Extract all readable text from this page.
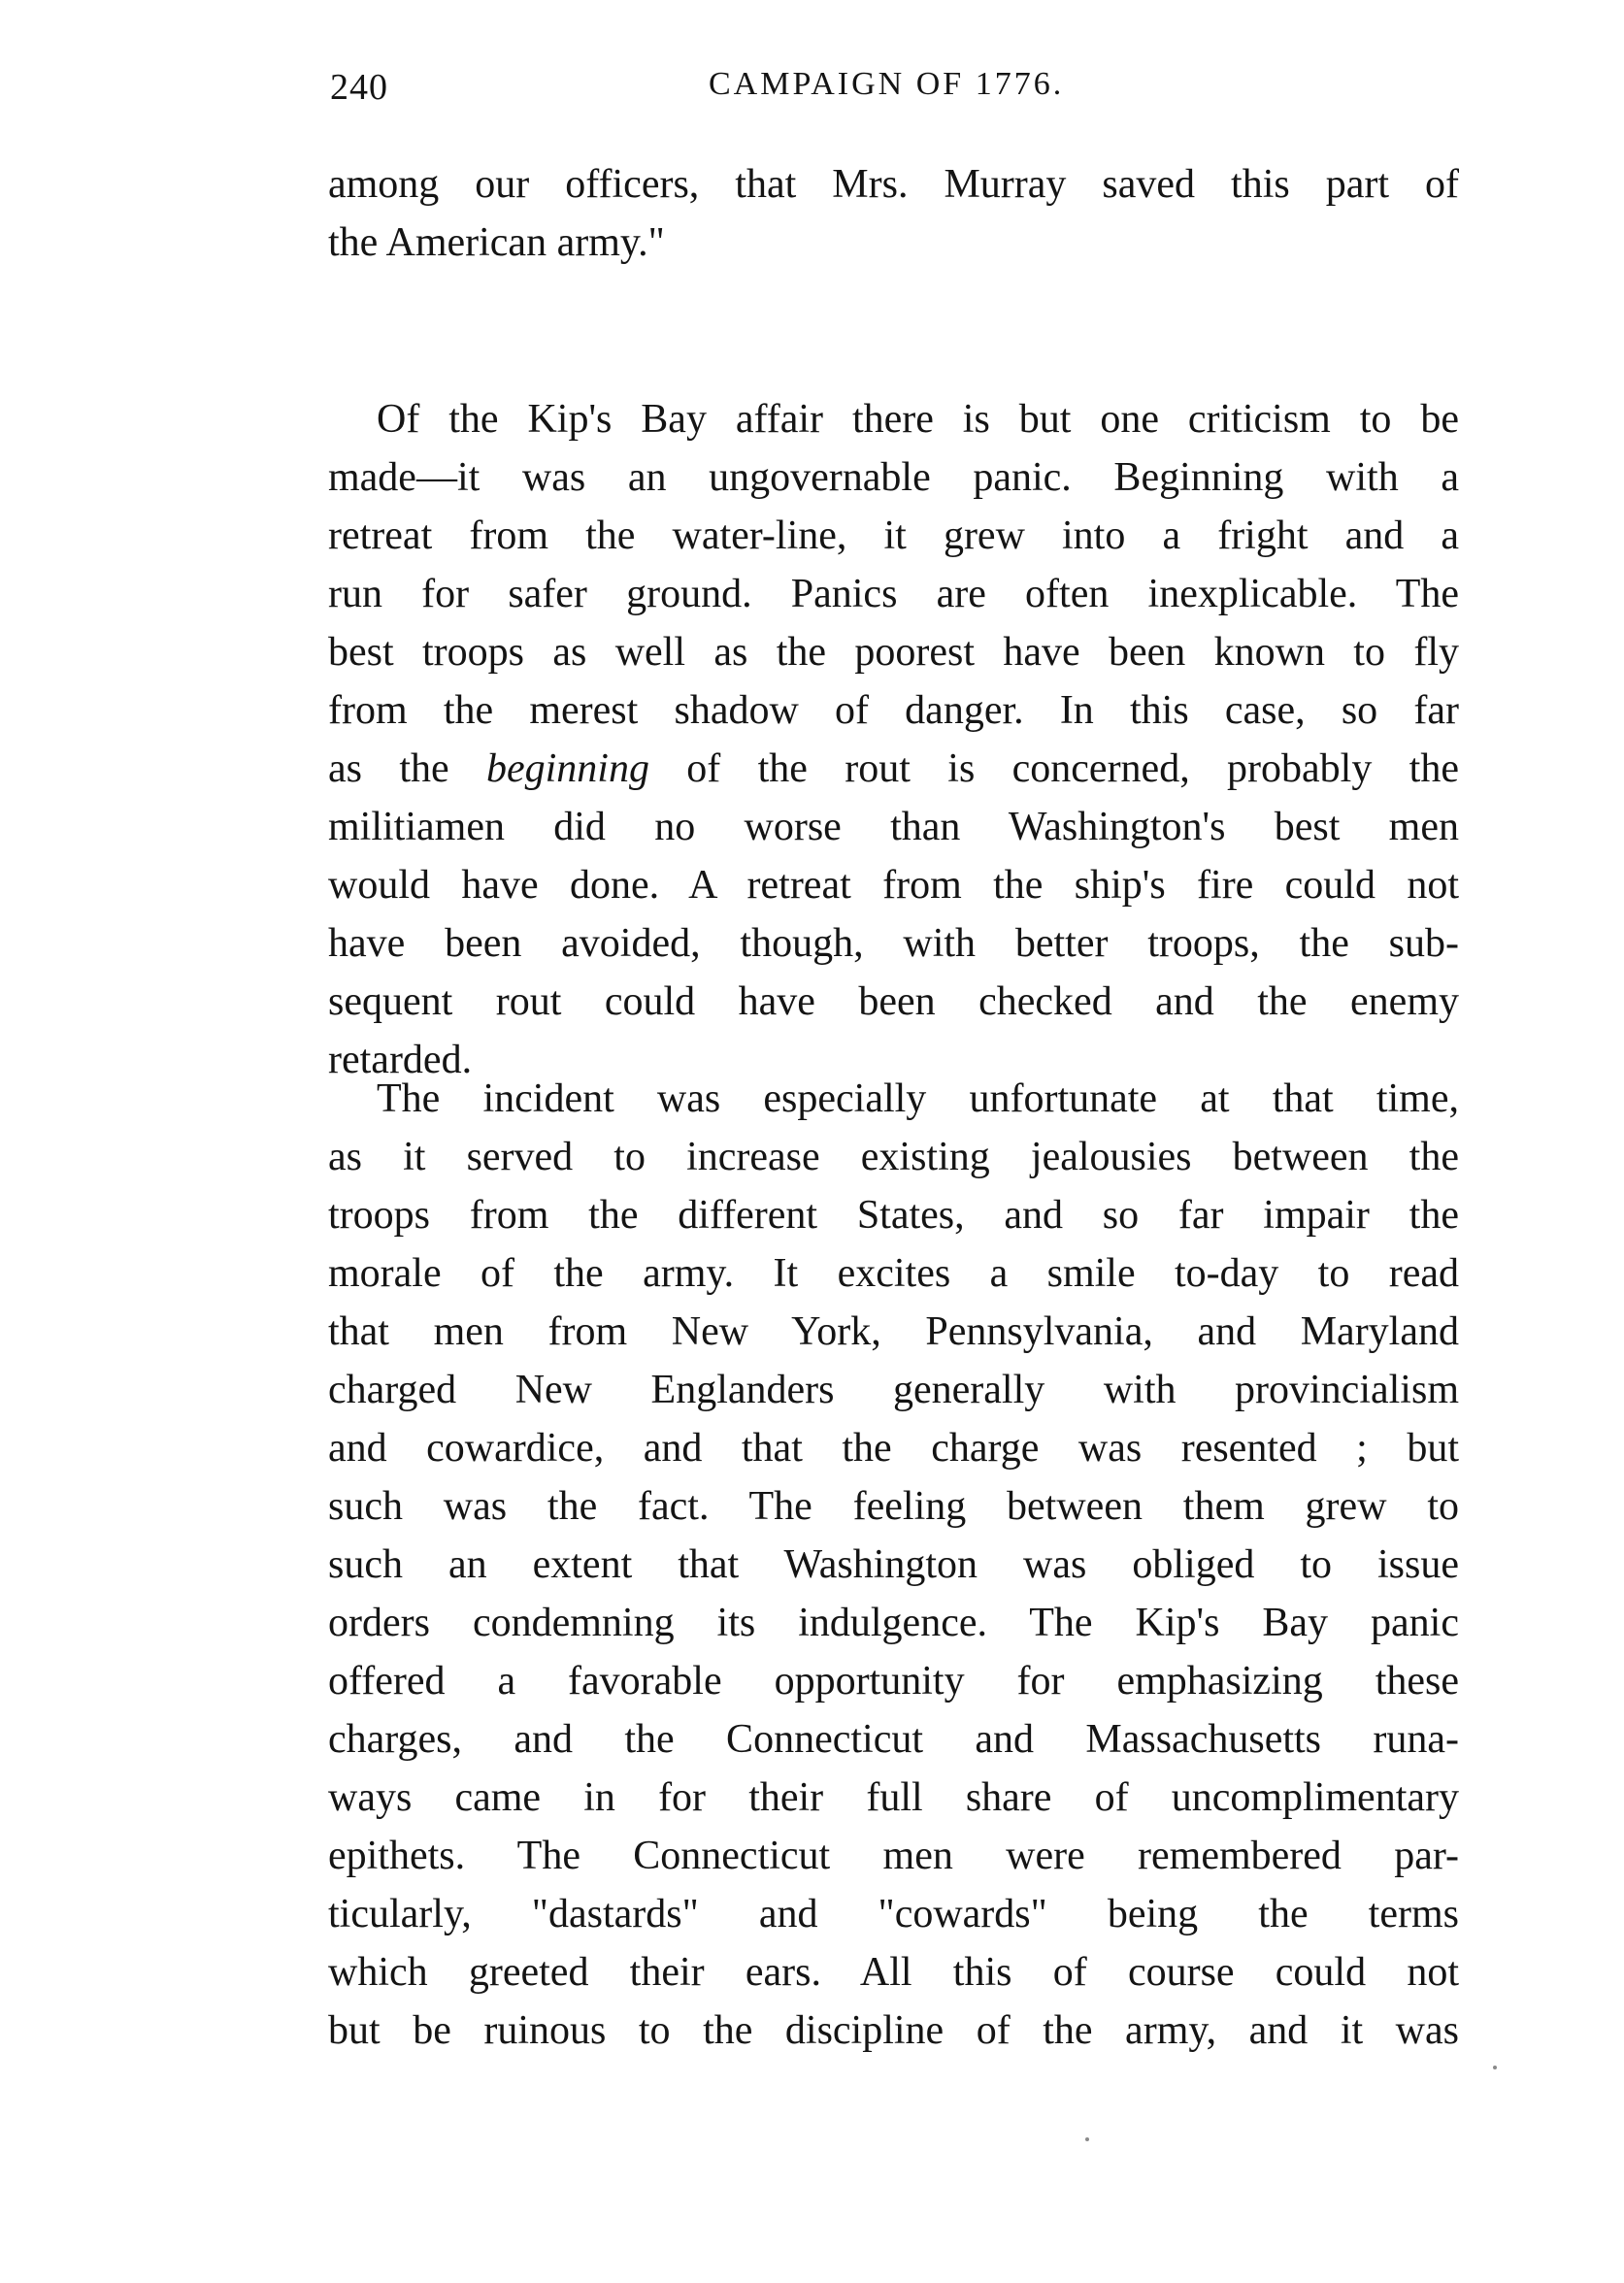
240	CAMPAIGN OF 1776.
among our officers, that Mrs. Murray saved this part of
the American army."
Of the Kip's Bay affair there is but one criticism to be
made—it was an ungovernable panic. Beginning with a
retreat from the water-line, it grew into a fright and a
run for safer ground. Panics are often inexplicable. The
best troops as well as the poorest have been known to fly
from the merest shadow of danger. In this case, so far
as the beginning of the rout is concerned, probably the
militiamen did no worse than Washington's best men
would have done. A retreat from the ship's fire could not
have been avoided, though, with better troops, the sub-
sequent rout could have been checked and the enemy
retarded.
The incident was especially unfortunate at that time,
as it served to increase existing jealousies between the
troops from the different States, and so far impair the
morale of the army. It excites a smile to-day to read
that men from New York, Pennsylvania, and Maryland
charged New Englanders generally with provincialism
and cowardice, and that the charge was resented ; but
such was the fact. The feeling between them grew to
such an extent that Washington was obliged to issue
orders condemning its indulgence. The Kip's Bay panic
offered a favorable opportunity for emphasizing these
charges, and the Connecticut and Massachusetts runa-
ways came in for their full share of uncomplimentary
epithets. The Connecticut men were remembered par-
ticularly, "dastards" and "cowards" being the terms
which greeted their ears. All this of course could not
but be ruinous to the discipline of the army, and it was
